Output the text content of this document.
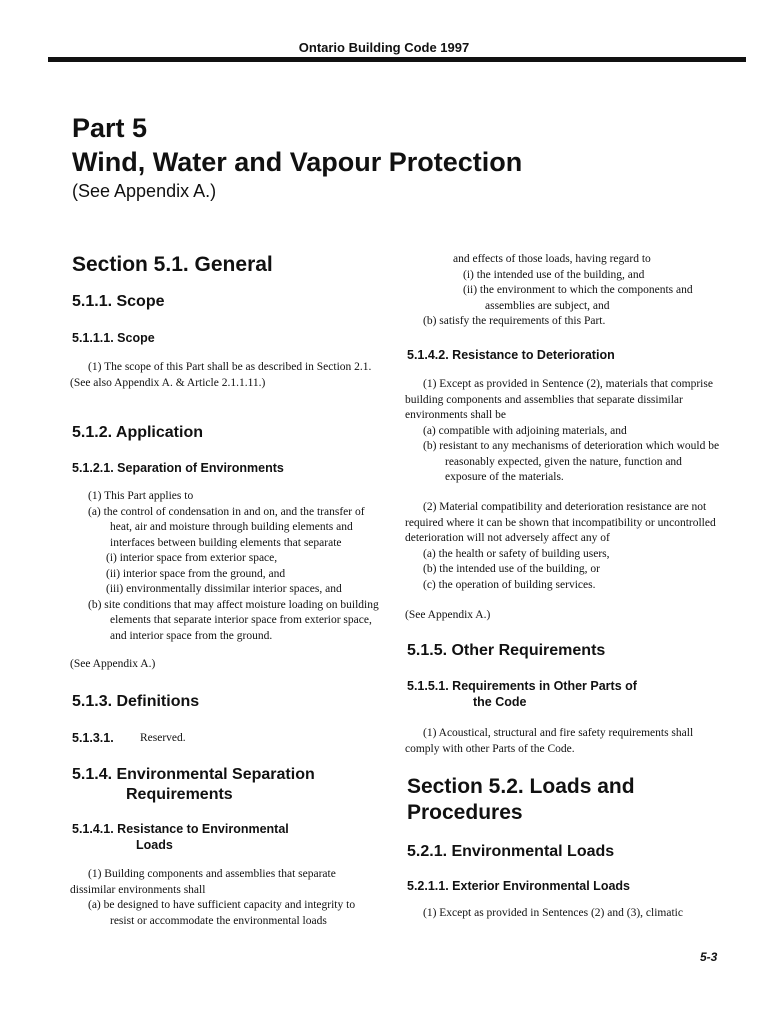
Ontario Building Code 1997
Part 5
Wind, Water and Vapour Protection
(See Appendix A.)
Section 5.1. General
5.1.1. Scope
5.1.1.1. Scope

(1) The scope of this Part shall be as described in Section 2.1.

(See also Appendix A. & Article 2.1.1.11.)

5.1.2. Application
5.1.2.1. Separation of Environments

(1) This Part applies to

(a) the control of condensation in and on, and the transfer of heat, air and moisture through building elements and interfaces between building elements that separate

(i) interior space from exterior space,

(ii) interior space from the ground, and

(iii) environmentally dissimilar interior spaces, and

(b) site conditions that may affect moisture loading on building elements that separate interior space from exterior space, and interior space from the ground.

(See Appendix A.)
5.1.3. Definitions
5.1.3.1. Reserved.
5.1.4. Environmental Separation
Requirements
5.1.4.1. Resistance to Environmental
Loads

(1) Building components and assemblies that separate dissimilar environments shall

(a) be designed to have sufficient capacity and integrity to resist or accommodate the environmental loads

and effects of those loads, having regard to

(i) the intended use of the building, and

(ii) the environment to which the components and assemblies are subject, and

(b) satisfy the requirements of this Part.

5.1.4.2. Resistance to Deterioration

(1) Except as provided in Sentence (2), materials that comprise building components and assemblies that separate dissimilar environments shall be

(a) compatible with adjoining materials, and

(b) resistant to any mechanisms of deterioration which would be reasonably expected, given the nature, function and exposure of the materials.

(2) Material compatibility and deterioration resistance are not required where it can be shown that incompatibility or uncontrolled deterioration will not adversely affect any of

(a) the health or safety of building users,

(b) the intended use of the building, or

(c) the operation of building services.

(See Appendix A.)
5.1.5. Other Requirements
5.1.5.1. Requirements in Other Parts of
the Code

(1) Acoustical, structural and fire safety requirements shall comply with other Parts of the Code.

Section 5.2. Loads and
Procedures
5.2.1. Environmental Loads
5.2.1.1. Exterior Environmental Loads

(1) Except as provided in Sentences (2) and (3), climatic

5-3
